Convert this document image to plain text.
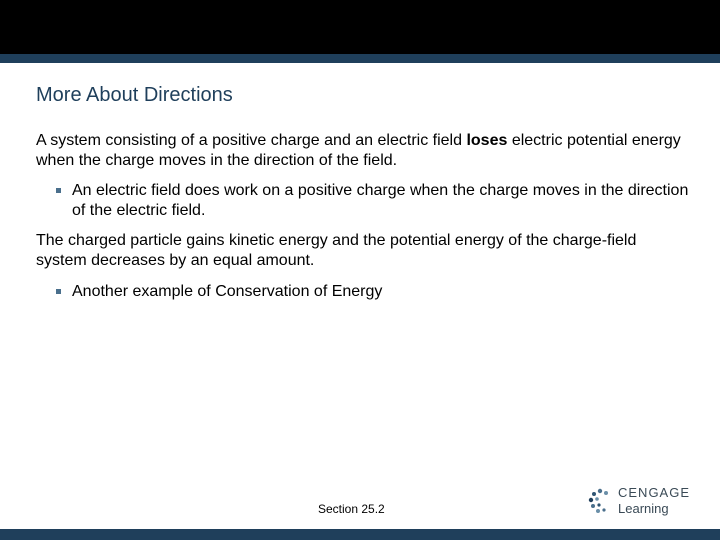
More About Directions

A system consisting of a positive charge and an electric field loses electric potential energy when the charge moves in the direction of the field.

An electric field does work on a positive charge when the charge moves in the direction of the electric field.

The charged particle gains kinetic energy and the potential energy of the charge-field system decreases by an equal amount.

Another example of Conservation of Energy
Section 25.2
CENGAGE
Learning
